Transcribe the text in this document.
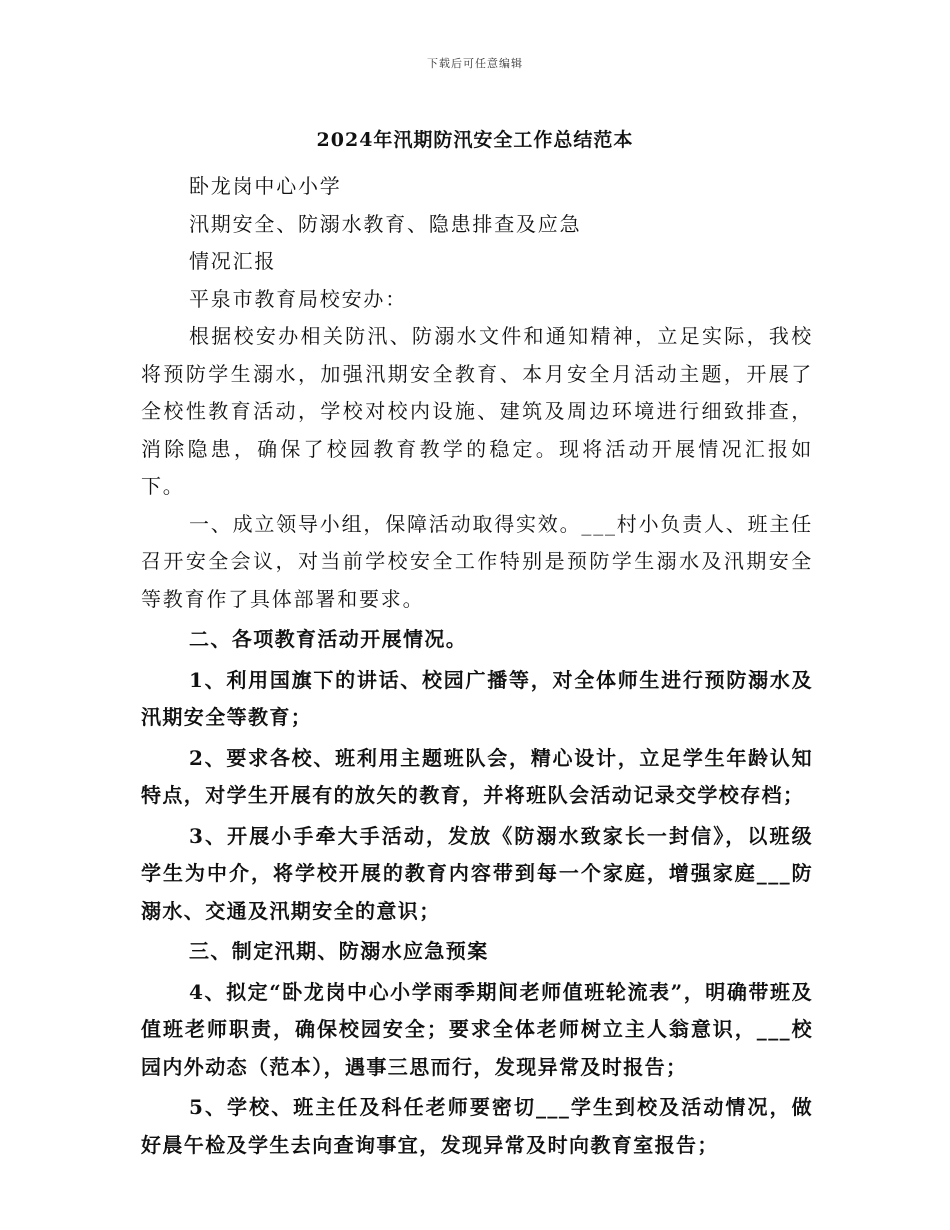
下载后可任意编辑
2024年汛期防汛安全工作总结范本

卧龙岗中心小学

汛期安全、防溺水教育、隐患排查及应急

情况汇报

平泉市教育局校安办：

根据校安办相关防汛、防溺水文件和通知精神，立足实际，我校将预防学生溺水，加强汛期安全教育、本月安全月活动主题，开展了全校性教育活动，学校对校内设施、建筑及周边环境进行细致排查，消除隐患，确保了校园教育教学的稳定。现将活动开展情况汇报如下。

一、成立领导小组，保障活动取得实效。___村小负责人、班主任召开安全会议，对当前学校安全工作特别是预防学生溺水及汛期安全等教育作了具体部署和要求。

二、各项教育活动开展情况。

1、利用国旗下的讲话、校园广播等，对全体师生进行预防溺水及汛期安全等教育；

2、要求各校、班利用主题班队会，精心设计，立足学生年龄认知特点，对学生开展有的放矢的教育，并将班队会活动记录交学校存档；

3、开展小手牵大手活动，发放《防溺水致家长一封信》，以班级学生为中介，将学校开展的教育内容带到每一个家庭，增强家庭___防溺水、交通及汛期安全的意识；

三、制定汛期、防溺水应急预案

4、拟定“卧龙岗中心小学雨季期间老师值班轮流表”，明确带班及值班老师职责，确保校园安全；要求全体老师树立主人翁意识，___校园内外动态（范本），遇事三思而行，发现异常及时报告；

5、学校、班主任及科任老师要密切___学生到校及活动情况，做好晨午检及学生去向查询事宜，发现异常及时向教育室报告；
